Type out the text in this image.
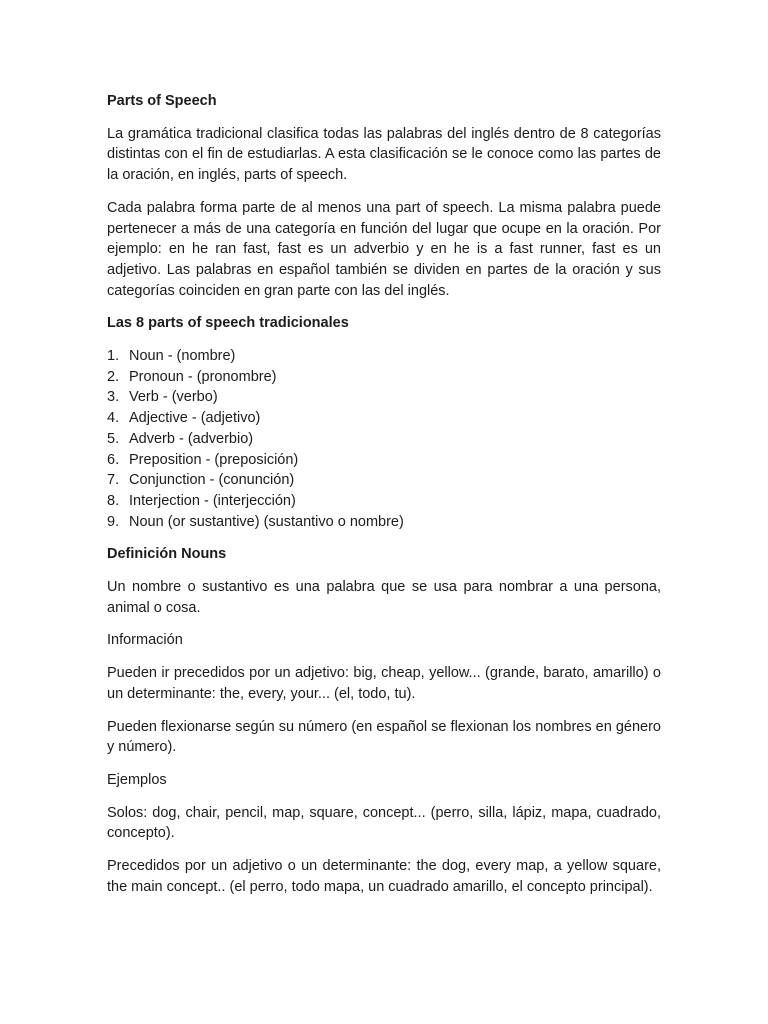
Parts of Speech

La gramática tradicional clasifica todas las palabras del inglés dentro de 8 categorías distintas con el fin de estudiarlas. A esta clasificación se le conoce como las partes de la oración, en inglés, parts of speech.

Cada palabra forma parte de al menos una part of speech. La misma palabra puede pertenecer a más de una categoría en función del lugar que ocupe en la oración. Por ejemplo: en he ran fast, fast es un adverbio y en he is a fast runner, fast es un adjetivo. Las palabras en español también se dividen en partes de la oración y sus categorías coinciden en gran parte con las del inglés.

Las 8 parts of speech tradicionales
1. Noun - (nombre)
2. Pronoun - (pronombre)
3. Verb - (verbo)
4. Adjective - (adjetivo)
5. Adverb - (adverbio)
6. Preposition - (preposición)
7. Conjunction - (conunción)
8. Interjection - (interjección)
9. Noun (or sustantive) (sustantivo o nombre)
Definición Nouns

Un nombre o sustantivo es una palabra que se usa para nombrar a una persona, animal o cosa.

Información

Pueden ir precedidos por un adjetivo: big, cheap, yellow... (grande, barato, amarillo) o un determinante: the, every, your... (el, todo, tu).

Pueden flexionarse según su número (en español se flexionan los nombres en género y número).

Ejemplos

Solos: dog, chair, pencil, map, square, concept... (perro, silla, lápiz, mapa, cuadrado, concepto).

Precedidos por un adjetivo o un determinante: the dog, every map, a yellow square, the main concept.. (el perro, todo mapa, un cuadrado amarillo, el concepto principal).
